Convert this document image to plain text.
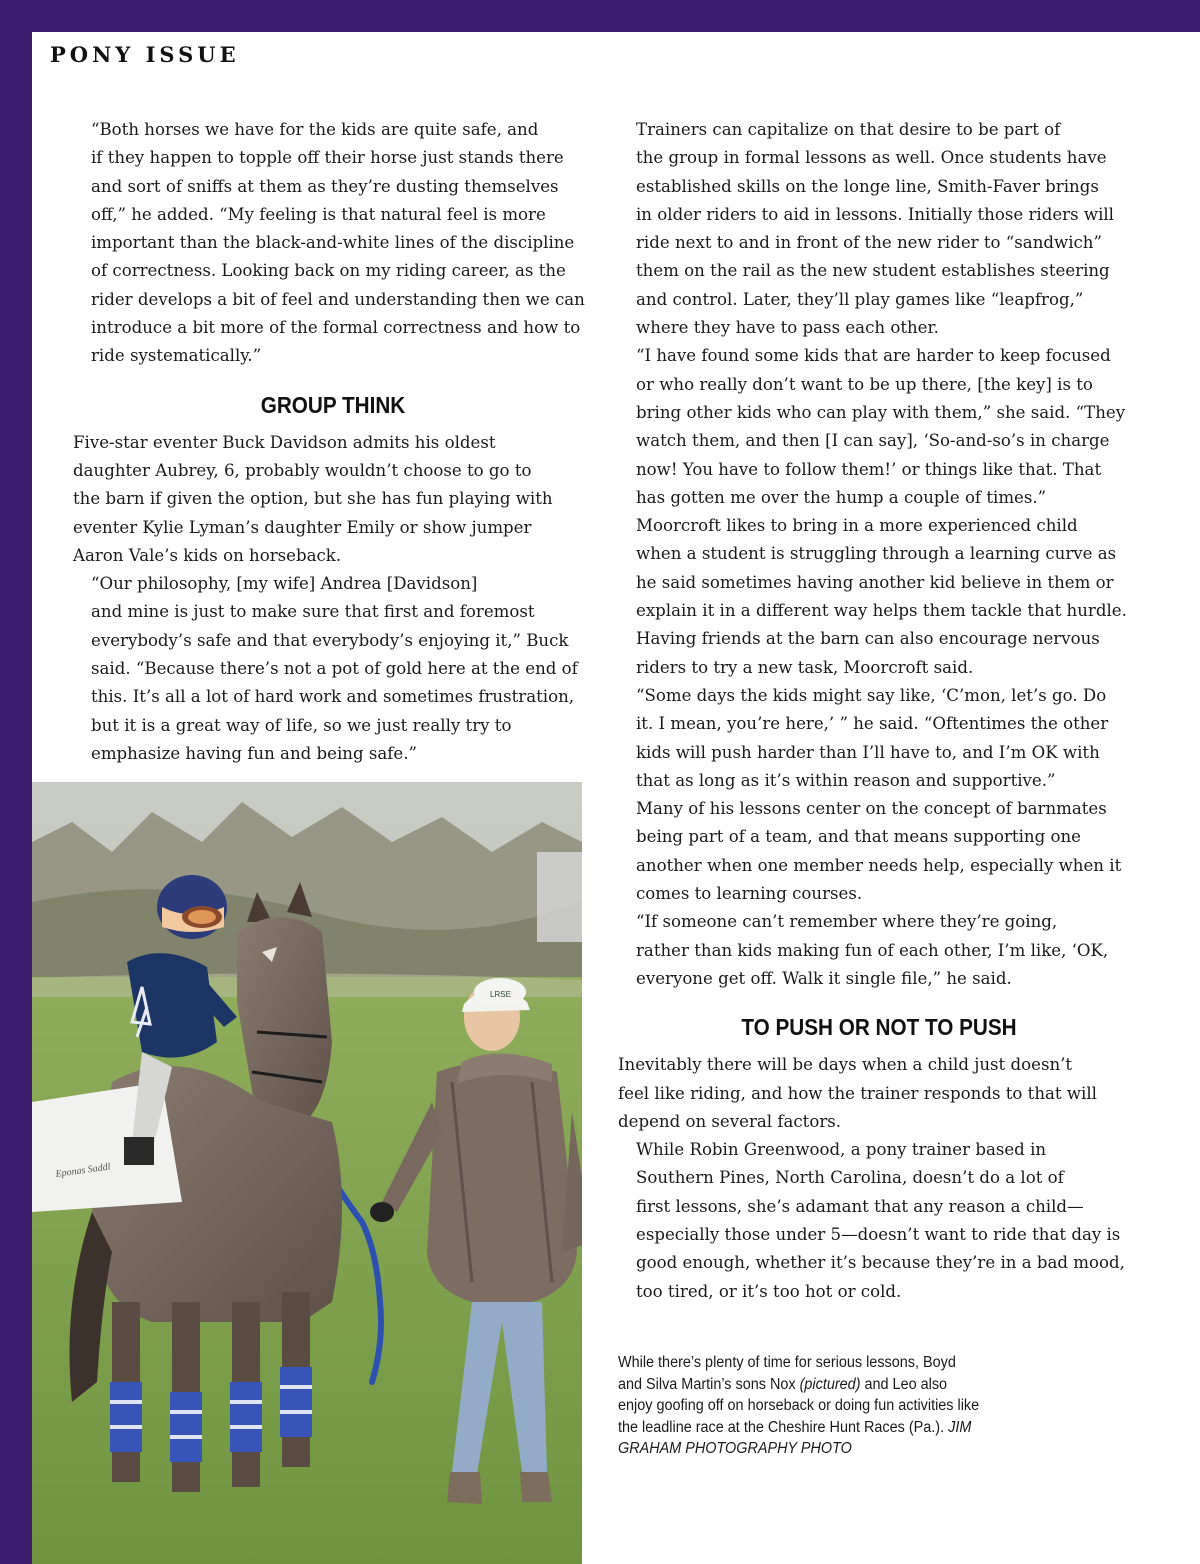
PONY ISSUE

“Both horses we have for the kids are quite safe, and
if they happen to topple off their horse just stands there
and sort of sniffs at them as they’re dusting themselves
off,” he added. “My feeling is that natural feel is more
important than the black-and-white lines of the discipline
of correctness. Looking back on my riding career, as the
rider develops a bit of feel and understanding then we can
introduce a bit more of the formal correctness and how to
ride systematically.”

GROUP THINK

Five-star eventer Buck Davidson admits his oldest
daughter Aubrey, 6, probably wouldn’t choose to go to
the barn if given the option, but she has fun playing with
eventer Kylie Lyman’s daughter Emily or show jumper
Aaron Vale’s kids on horseback.

“Our philosophy, [my wife] Andrea [Davidson]
and mine is just to make sure that first and foremost
everybody’s safe and that everybody’s enjoying it,” Buck
said. “Because there’s not a pot of gold here at the end of
this. It’s all a lot of hard work and sometimes frustration,
but it is a great way of life, so we just really try to
emphasize having fun and being safe.”

LRSE
Eponas Saddl

Trainers can capitalize on that desire to be part of
the group in formal lessons as well. Once students have
established skills on the longe line, Smith-Faver brings
in older riders to aid in lessons. Initially those riders will
ride next to and in front of the new rider to “sandwich”
them on the rail as the new student establishes steering
and control. Later, they’ll play games like “leapfrog,”
where they have to pass each other.

“I have found some kids that are harder to keep focused
or who really don’t want to be up there, [the key] is to
bring other kids who can play with them,” she said. “They
watch them, and then [I can say], ‘So-and-so’s in charge
now! You have to follow them!’ or things like that. That
has gotten me over the hump a couple of times.”

Moorcroft likes to bring in a more experienced child
when a student is struggling through a learning curve as
he said sometimes having another kid believe in them or
explain it in a different way helps them tackle that hurdle.
Having friends at the barn can also encourage nervous
riders to try a new task, Moorcroft said.

“Some days the kids might say like, ‘C’mon, let’s go. Do
it. I mean, you’re here,’ ” he said. “Oftentimes the other
kids will push harder than I’ll have to, and I’m OK with
that as long as it’s within reason and supportive.”

Many of his lessons center on the concept of barnmates
being part of a team, and that means supporting one
another when one member needs help, especially when it
comes to learning courses.

“If someone can’t remember where they’re going,
rather than kids making fun of each other, I’m like, ‘OK,
everyone get off. Walk it single file,” he said.

TO PUSH OR NOT TO PUSH

Inevitably there will be days when a child just doesn’t
feel like riding, and how the trainer responds to that will
depend on several factors.

While Robin Greenwood, a pony trainer based in
Southern Pines, North Carolina, doesn’t do a lot of
first lessons, she’s adamant that any reason a child—
especially those under 5—doesn’t want to ride that day is
good enough, whether it’s because they’re in a bad mood,
too tired, or it’s too hot or cold.

While there’s plenty of time for serious lessons, Boyd
and Silva Martin’s sons Nox (pictured) and Leo also
enjoy goofing off on horseback or doing fun activities like
the leadline race at the Cheshire Hunt Races (Pa.). JIM
GRAHAM PHOTOGRAPHY PHOTO
